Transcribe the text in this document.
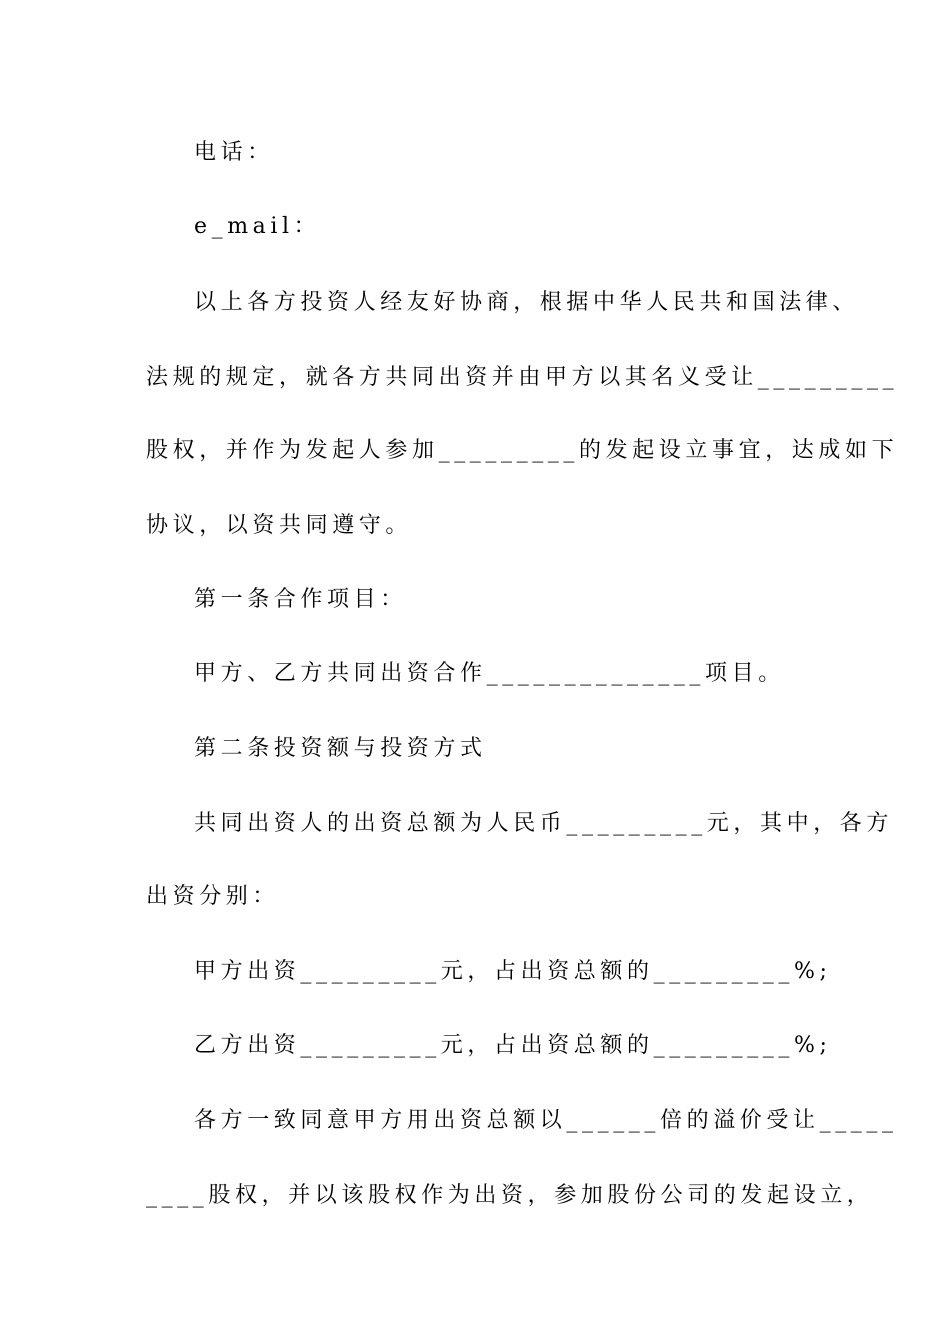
电话：
e_mail：
以上各方投资人经友好协商，根据中华人民共和国法律、
法规的规定，就各方共同出资并由甲方以其名义受让_________
股权，并作为发起人参加_________的发起设立事宜，达成如下
协议，以资共同遵守。
第一条合作项目：
甲方、乙方共同出资合作______________项目。
第二条投资额与投资方式
共同出资人的出资总额为人民币_________元，其中，各方
出资分别：
甲方出资_________元，占出资总额的_________%;
乙方出资_________元，占出资总额的_________%;
各方一致同意甲方用出资总额以______倍的溢价受让_____
____股权，并以该股权作为出资，参加股份公司的发起设立，
